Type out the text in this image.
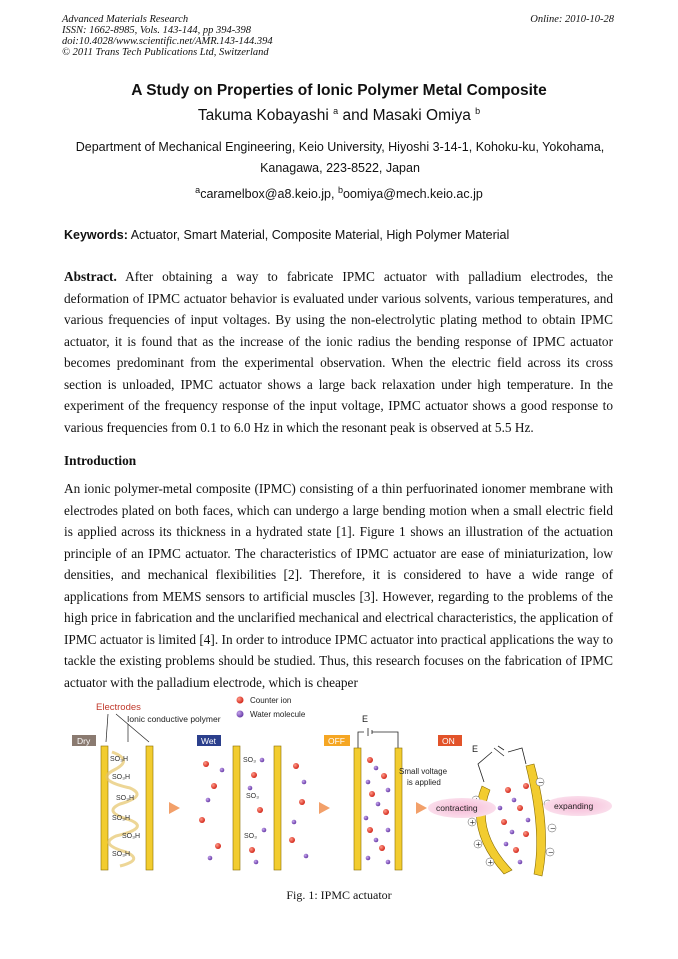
Advanced Materials Research
ISSN: 1662-8985, Vols. 143-144, pp 394-398
doi:10.4028/www.scientific.net/AMR.143-144.394
© 2011 Trans Tech Publications Ltd, Switzerland
Online: 2010-10-28
A Study on Properties of Ionic Polymer Metal Composite
Takuma Kobayashi $^a$ and Masaki Omiya $^b$
Department of Mechanical Engineering, Keio University, Hiyoshi 3-14-1, Kohoku-ku, Yokohama,
Kanagawa, 223-8522, Japan
$^a$caramelbox@a8.keio.jp, $^b$oomiya@mech.keio.ac.jp
Keywords: Actuator, Smart Material, Composite Material, High Polymer Material
Abstract. After obtaining a way to fabricate IPMC actuator with palladium electrodes, the deformation of IPMC actuator behavior is evaluated under various solvents, various temperatures, and various frequencies of input voltages. By using the non-electrolytic plating method to obtain IPMC actuator, it is found that as the increase of the ionic radius the bending response of IPMC actuator becomes predominant from the experimental observation. When the electric field across its cross section is unloaded, IPMC actuator shows a large back relaxation under high temperature. In the experiment of the frequency response of the input voltage, IPMC actuator shows a good response to various frequencies from 0.1 to 6.0 Hz in which the resonant peak is observed at 5.5 Hz.
Introduction
An ionic polymer-metal composite (IPMC) consisting of a thin perfuorinated ionomer membrane with electrodes plated on both faces, which can undergo a large bending motion when a small electric field is applied across its thickness in a hydrated state [1]. Figure 1 shows an illustration of the actuation principle of an IPMC actuator. The characteristics of IPMC actuator are ease of miniaturization, low densities, and mechanical flexibilities [2]. Therefore, it is considered to have a wide range of applications from MEMS sensors to artificial muscles [3]. However, regarding to the problems of the high price in fabrication and the unclarified mechanical and electrical characteristics, the application of IPMC actuator is limited [4]. In order to introduce IPMC actuator into practical applications the way to tackle the existing problems should be studied. Thus, this research focuses on the fabrication of IPMC actuator with the palladium electrode, which is cheaper
Electrodes
Ionic conductive polymer
Dry
SO₃H
SO₃H
SO₃H
SO₃H
SO₃H
SO₃H
Counter ion
Water molecule
Wet
SO₃
SO₃
SO₃
OFF
E
ON
Small voltage
is applied
E
+
+
+
−
−
−
contracting	expanding
Fig. 1: IPMC actuator
